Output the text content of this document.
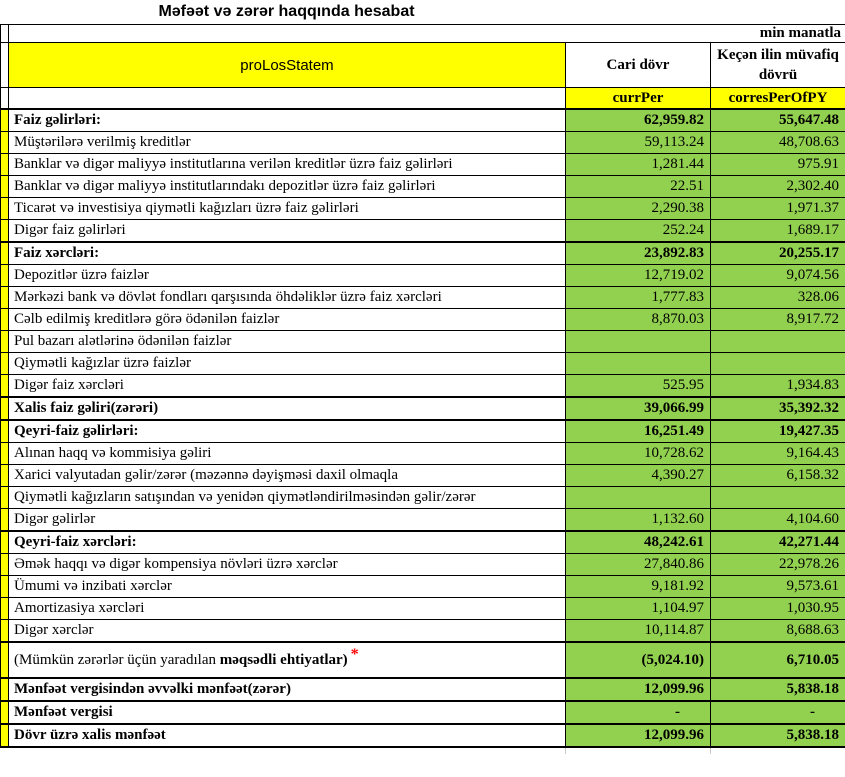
Məfəət və zərər haqqında hesabat
	min manatla		
	proLosStatem	Cari dövr	Keçən ilin müvafiq dövrü
		currPer	corresPerOfPY
	Faiz gəlirləri:	62,959.82	55,647.48
	Müştərilərə verilmiş kreditlər	59,113.24	48,708.63
	Banklar və digər maliyyə institutlarına verilən kreditlər üzrə faiz gəlirləri	1,281.44	975.91
	Banklar və digər maliyyə institutlarındakı depozitlər üzrə faiz gəlirləri	22.51	2,302.40
	Ticarət və investisiya qiymətli kağızları üzrə faiz gəlirləri	2,290.38	1,971.37
	Digər faiz gəlirləri	252.24	1,689.17
	Faiz xərcləri:	23,892.83	20,255.17
	Depozitlər üzrə faizlər	12,719.02	9,074.56
	Mərkəzi bank və dövlət fondları qarşısında öhdəliklər üzrə faiz xərcləri	1,777.83	328.06
	Cəlb edilmiş kreditlərə görə ödənilən faizlər	8,870.03	8,917.72
	Pul bazarı alətlərinə ödənilən faizlər		
	Qiymətli kağızlar üzrə faizlər		
	Digər faiz xərcləri	525.95	1,934.83
	Xalis faiz gəliri(zərəri)	39,066.99	35,392.32
	Qeyri-faiz gəlirləri:	16,251.49	19,427.35
	Alınan haqq və kommisiya gəliri	10,728.62	9,164.43
	Xarici valyutadan gəlir/zərər (məzənnə dəyişməsi daxil olmaqla	4,390.27	6,158.32
	Qiymətli kağızların satışından və yenidən qiymətləndirilməsindən gəlir/zərər		
	Digər gəlirlər	1,132.60	4,104.60
	Qeyri-faiz xərcləri:	48,242.61	42,271.44
	Əmək haqqı və digər kompensiya növləri üzrə xərclər	27,840.86	22,978.26
	Ümumi və inzibati xərclər	9,181.92	9,573.61
	Amortizasiya xərcləri	1,104.97	1,030.95
	Digər xərclər	10,114.87	8,688.63
	(Mümkün zərərlər üçün yaradılan məqsədli ehtiyatlar) *	(5,024.10)	6,710.05
	Mənfəət vergisindən əvvəlki mənfəət(zərər)	12,099.96	5,838.18
	Mənfəət vergisi	-	-
	Dövr üzrə xalis mənfəət	12,099.96	5,838.18
